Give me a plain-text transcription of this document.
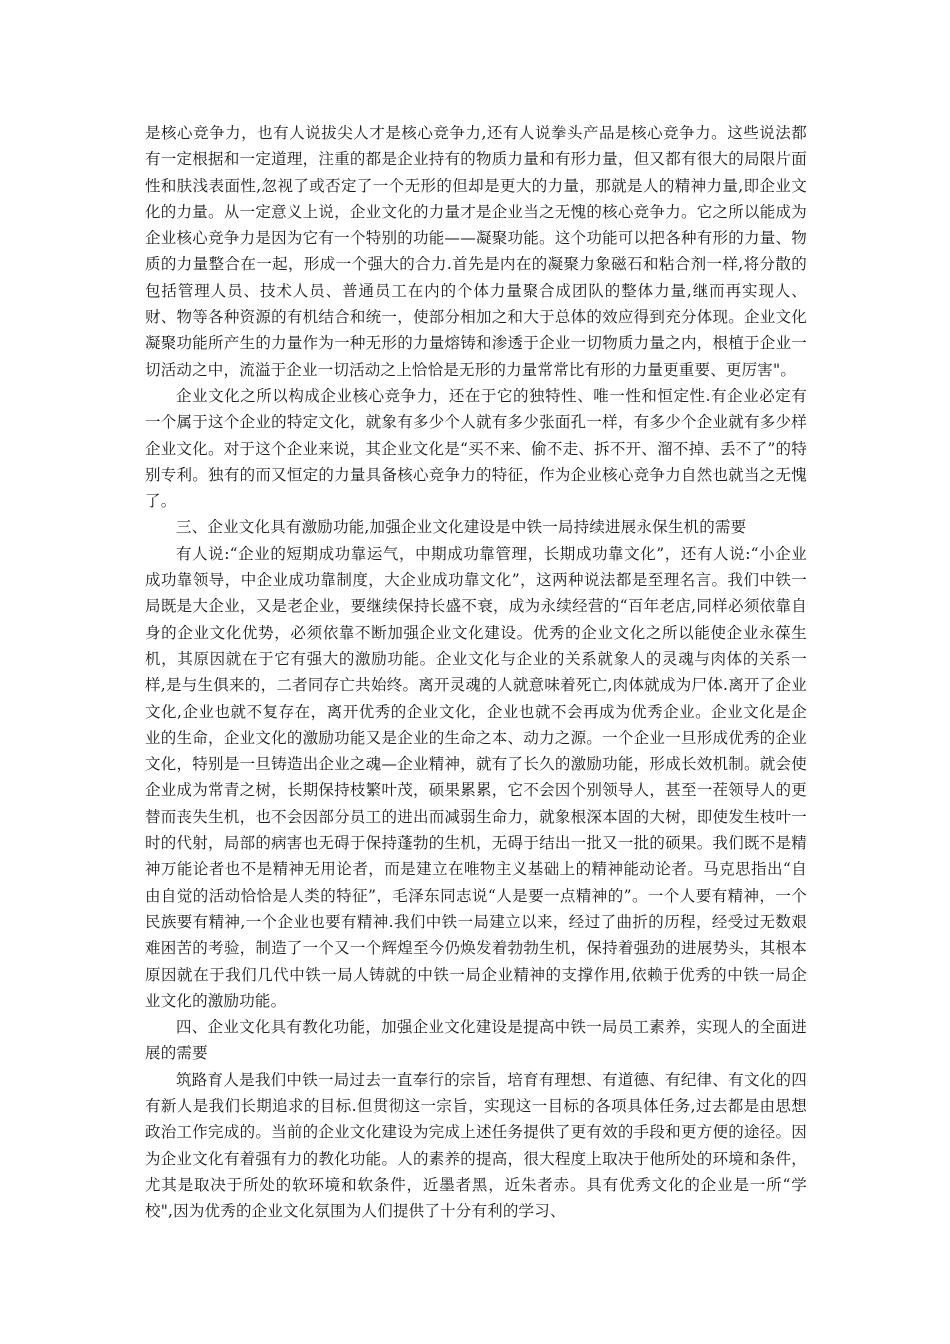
是核心竞争力，也有人说拔尖人才是核心竞争力,还有人说拳头产品是核心竞争力。这些说法都有一定根据和一定道理，注重的都是企业持有的物质力量和有形力量，但又都有很大的局限片面性和肤浅表面性,忽视了或否定了一个无形的但却是更大的力量，那就是人的精神力量,即企业文化的力量。从一定意义上说，企业文化的力量才是企业当之无愧的核心竞争力。它之所以能成为企业核心竞争力是因为它有一个特别的功能——凝聚功能。这个功能可以把各种有形的力量、物质的力量整合在一起，形成一个强大的合力.首先是内在的凝聚力象磁石和粘合剂一样,将分散的包括管理人员、技术人员、普通员工在内的个体力量聚合成团队的整体力量,继而再实现人、财、物等各种资源的有机结合和统一，使部分相加之和大于总体的效应得到充分体现。企业文化凝聚功能所产生的力量作为一种无形的力量熔铸和渗透于企业一切物质力量之内，根植于企业一切活动之中，流溢于企业一切活动之上恰恰是无形的力量常常比有形的力量更重要、更厉害"。

企业文化之所以构成企业核心竞争力，还在于它的独特性、唯一性和恒定性.有企业必定有一个属于这个企业的特定文化，就象有多少个人就有多少张面孔一样，有多少个企业就有多少样企业文化。对于这个企业来说，其企业文化是“买不来、偷不走、拆不开、溜不掉、丢不了”的特别专利。独有的而又恒定的力量具备核心竞争力的特征，作为企业核心竞争力自然也就当之无愧了。

三、企业文化具有激励功能,加强企业文化建设是中铁一局持续进展永保生机的需要

有人说:“企业的短期成功靠运气，中期成功靠管理，长期成功靠文化”，还有人说:“小企业成功靠领导，中企业成功靠制度，大企业成功靠文化”，这两种说法都是至理名言。我们中铁一局既是大企业，又是老企业，要继续保持长盛不衰，成为永续经营的“百年老店,同样必须依靠自身的企业文化优势，必须依靠不断加强企业文化建设。优秀的企业文化之所以能使企业永葆生机，其原因就在于它有强大的激励功能。企业文化与企业的关系就象人的灵魂与肉体的关系一样,是与生俱来的，二者同存亡共始终。离开灵魂的人就意味着死亡,肉体就成为尸体.离开了企业文化,企业也就不复存在，离开优秀的企业文化，企业也就不会再成为优秀企业。企业文化是企业的生命，企业文化的激励功能又是企业的生命之本、动力之源。一个企业一旦形成优秀的企业文化，特别是一旦铸造出企业之魂—企业精神，就有了长久的激励功能，形成长效机制。就会使企业成为常青之树，长期保持枝繁叶茂，硕果累累，它不会因个别领导人，甚至一茬领导人的更替而丧失生机，也不会因部分员工的进出而减弱生命力，就象根深本固的大树，即使发生枝叶一时的代射，局部的病害也无碍于保持蓬勃的生机，无碍于结出一批又一批的硕果。我们既不是精神万能论者也不是精神无用论者，而是建立在唯物主义基础上的精神能动论者。马克思指出“自由自觉的活动恰恰是人类的特征”，毛泽东同志说“人是要一点精神的”。一个人要有精神，一个民族要有精神,一个企业也要有精神.我们中铁一局建立以来，经过了曲折的历程，经受过无数艰难困苦的考验，制造了一个又一个辉煌至今仍焕发着勃勃生机，保持着强劲的进展势头，其根本原因就在于我们几代中铁一局人铸就的中铁一局企业精神的支撑作用,依赖于优秀的中铁一局企业文化的激励功能。

四、企业文化具有教化功能，加强企业文化建设是提高中铁一局员工素养，实现人的全面进展的需要

筑路育人是我们中铁一局过去一直奉行的宗旨，培育有理想、有道德、有纪律、有文化的四有新人是我们长期追求的目标.但贯彻这一宗旨，实现这一目标的各项具体任务,过去都是由思想政治工作完成的。当前的企业文化建设为完成上述任务提供了更有效的手段和更方便的途径。因为企业文化有着强有力的教化功能。人的素养的提高，很大程度上取决于他所处的环境和条件，尤其是取决于所处的软环境和软条件，近墨者黑，近朱者赤。具有优秀文化的企业是一所“学校",因为优秀的企业文化氛围为人们提供了十分有利的学习、
